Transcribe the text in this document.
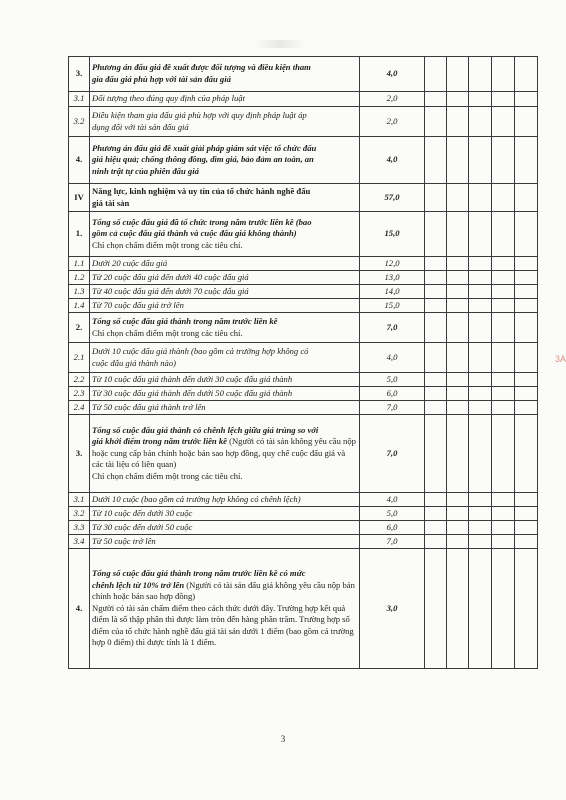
3.	Phương án đấu giá đề xuất được đối tượng và điều kiện tham
gia đấu giá phù hợp với tài sản đấu giá	4,0					
3.1	Đối tượng theo đúng quy định của pháp luật	2,0					
3.2	Điều kiện tham gia đấu giá phù hợp với quy định pháp luật áp
dụng đối với tài sản đấu giá	2,0					
4.	Phương án đấu giá đề xuất giải pháp giám sát việc tổ chức đấu
giá hiệu quả; chống thông đồng, dìm giá, bảo đảm an toàn, an
ninh trật tự của phiên đấu giá	4,0					
IV	Năng lực, kinh nghiệm và uy tín của tổ chức hành nghề đấu
giá tài sản	57,0					
1.	Tổng số cuộc đấu giá đã tổ chức trong năm trước liền kề (bao
gồm cả cuộc đấu giá thành và cuộc đấu giá không thành)
Chỉ chọn chấm điểm một trong các tiêu chí.	15,0					
1.1	Dưới 20 cuộc đấu giá	12,0					
1.2	Từ 20 cuộc đấu giá đến dưới 40 cuộc đấu giá	13,0					
1.3	Từ 40 cuộc đấu giá đến dưới 70 cuộc đấu giá	14,0					
1.4	Từ 70 cuộc đấu giá trở lên	15,0					
2.	Tổng số cuộc đấu giá thành trong năm trước liền kề
Chỉ chọn chấm điểm một trong các tiêu chí.	7,0					
2.1	Dưới 10 cuộc đấu giá thành (bao gồm cả trường hợp không có
cuộc đấu giá thành nào)	4,0					
2.2	Từ 10 cuộc đấu giá thành đến dưới 30 cuộc đấu giá thành	5,0					
2.3	Từ 30 cuộc đấu giá thành đến dưới 50 cuộc đấu giá thành	6,0					
2.4	Từ 50 cuộc đấu giá thành trở lên	7,0					
3.	Tổng số cuộc đấu giá thành có chênh lệch giữa giá trúng so với
giá khởi điểm trong năm trước liền kề (Người có tài sản không yêu cầu nộp hoặc cung cấp bản chính hoặc bản sao hợp đồng, quy chế cuộc đấu giá và các tài liệu có liên quan)
Chỉ chọn chấm điểm một trong các tiêu chí.	7,0					
3.1	Dưới 10 cuộc (bao gồm cả trường hợp không có chênh lệch)	4,0					
3.2	Từ 10 cuộc đến dưới 30 cuộc	5,0					
3.3	Từ 30 cuộc đến dưới 50 cuộc	6,0					
3.4	Từ 50 cuộc trở lên	7,0					
4.	Tổng số cuộc đấu giá thành trong năm trước liền kề có mức
chênh lệch từ 10% trở lên (Người có tài sản đấu giá không yêu cầu nộp bản chính hoặc bản sao hợp đồng)
Người có tài sản chấm điểm theo cách thức dưới đây. Trường hợp kết quả điểm là số thập phân thì được làm tròn đến hàng phần trăm. Trường hợp số điểm của tổ chức hành nghề đấu giá tài sản dưới 1 điểm (bao gồm cả trường hợp 0 điểm) thì được tính là 1 điểm.	3,0					
3
3A
